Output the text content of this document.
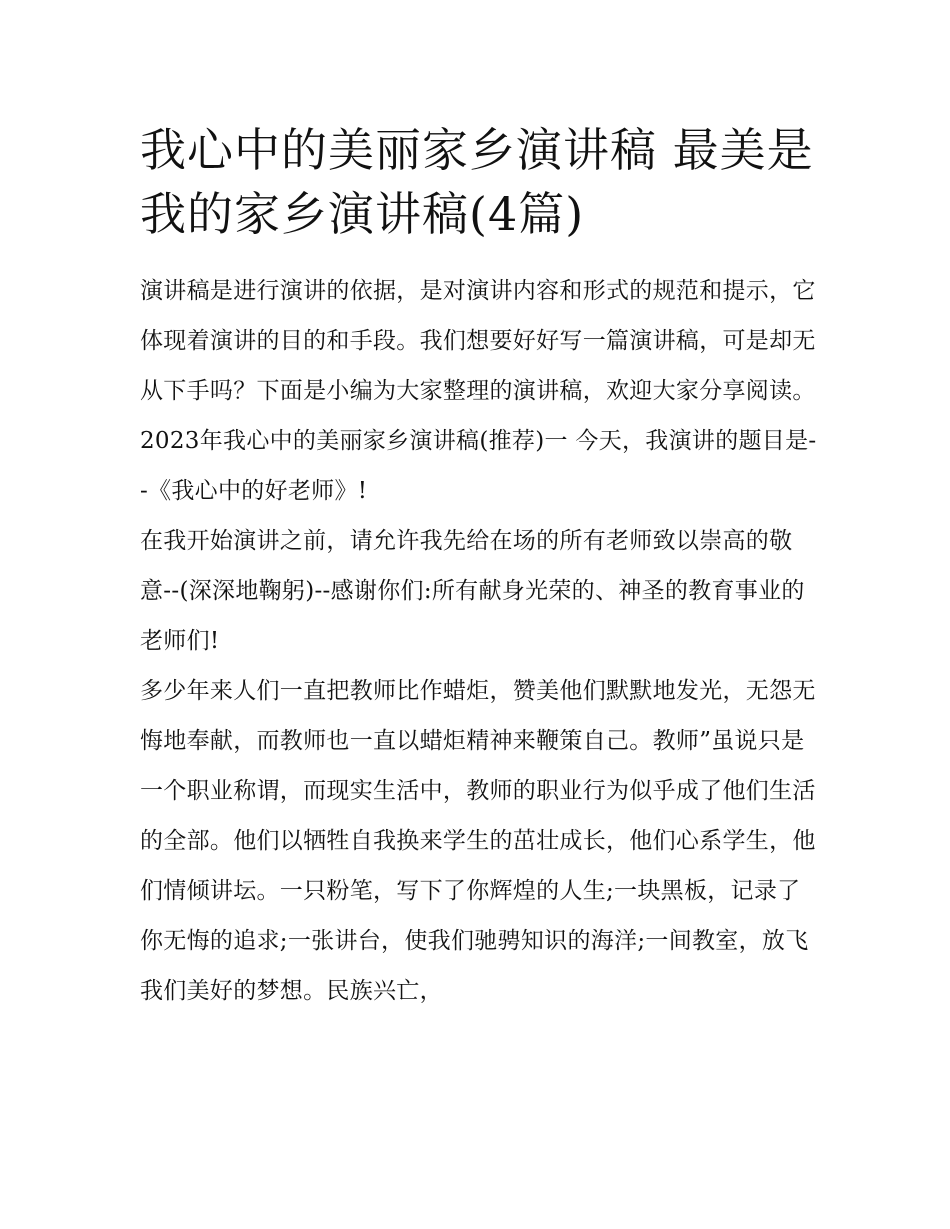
我心中的美丽家乡演讲稿 最美是我的家乡演讲稿(4篇)

演讲稿是进行演讲的依据，是对演讲内容和形式的规范和提示，它体现着演讲的目的和手段。我们想要好好写一篇演讲稿，可是却无从下手吗？下面是小编为大家整理的演讲稿，欢迎大家分享阅读。

2023年我心中的美丽家乡演讲稿(推荐)一 今天，我演讲的题目是--《我心中的好老师》!

在我开始演讲之前，请允许我先给在场的所有老师致以崇高的敬意--(深深地鞠躬)--感谢你们:所有献身光荣的、神圣的教育事业的老师们!

多少年来人们一直把教师比作蜡炬，赞美他们默默地发光，无怨无悔地奉献，而教师也一直以蜡炬精神来鞭策自己。教师”虽说只是一个职业称谓，而现实生活中，教师的职业行为似乎成了他们生活的全部。他们以牺牲自我换来学生的茁壮成长，他们心系学生，他们情倾讲坛。一只粉笔，写下了你辉煌的人生;一块黑板，记录了你无悔的追求;一张讲台，使我们驰骋知识的海洋;一间教室，放飞我们美好的梦想。民族兴亡，
